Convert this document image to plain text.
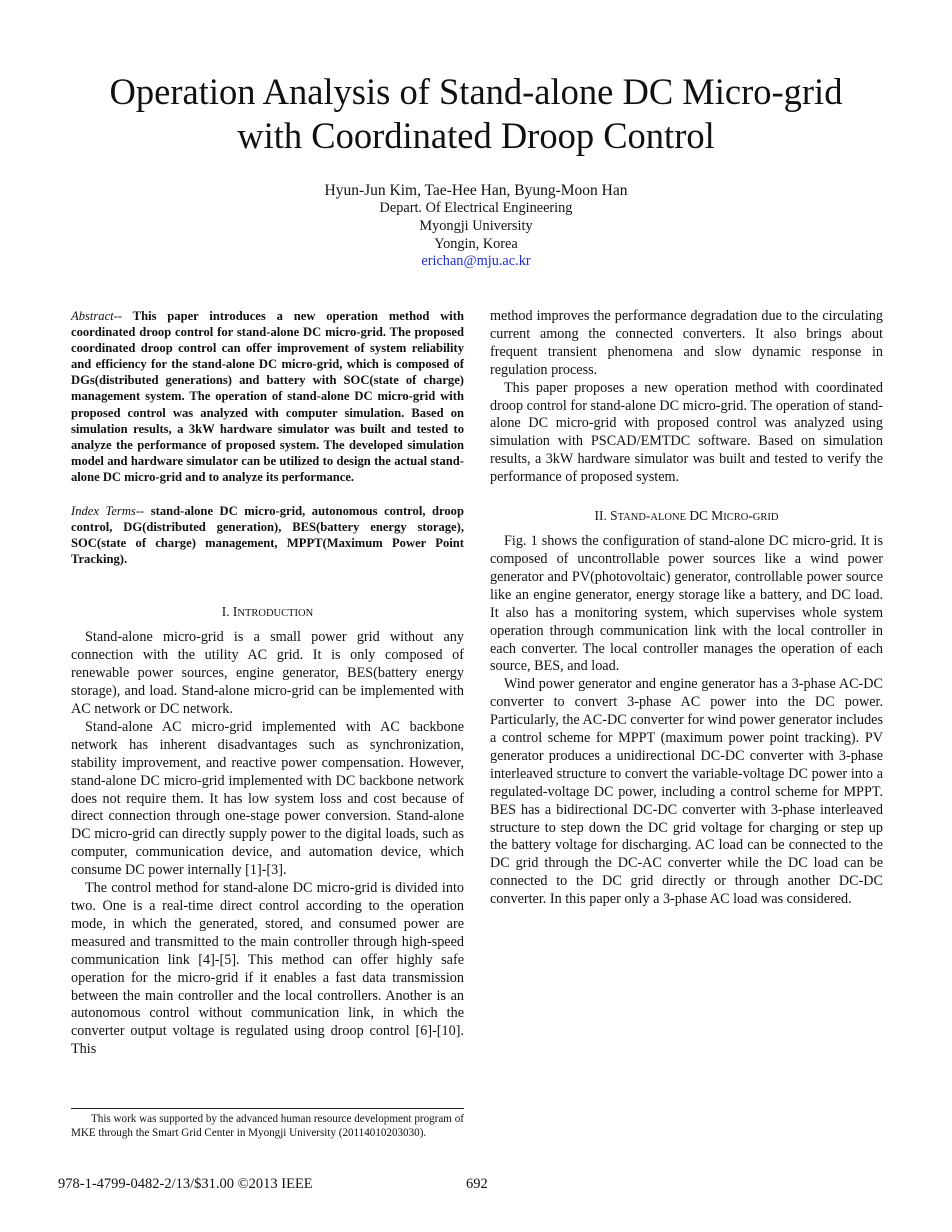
Operation Analysis of Stand-alone DC Micro-grid
with Coordinated Droop Control
Hyun-Jun Kim, Tae-Hee Han, Byung-Moon Han
Depart. Of Electrical Engineering
Myongji University
Yongin, Korea
erichan@mju.ac.kr

Abstract-- This paper introduces a new operation method with coordinated droop control for stand-alone DC micro-grid. The proposed coordinated droop control can offer improvement of system reliability and efficiency for the stand-alone DC micro-grid, which is composed of DGs(distributed generations) and battery with SOC(state of charge) management system. The operation of stand-alone DC micro-grid with proposed control was analyzed with computer simulation. Based on simulation results, a 3kW hardware simulator was built and tested to analyze the performance of proposed system. The developed simulation model and hardware simulator can be utilized to design the actual stand-alone DC micro-grid and to analyze its performance.

Index Terms-- stand-alone DC micro-grid, autonomous control, droop control, DG(distributed generation), BES(battery energy storage), SOC(state of charge) management, MPPT(Maximum Power Point Tracking).

I. INTRODUCTION

Stand-alone micro-grid is a small power grid without any connection with the utility AC grid. It is only composed of renewable power sources, engine generator, BES(battery energy storage), and load. Stand-alone micro-grid can be implemented with AC network or DC network.

Stand-alone AC micro-grid implemented with AC backbone network has inherent disadvantages such as synchronization, stability improvement, and reactive power compensation. However, stand-alone DC micro-grid implemented with DC backbone network does not require them. It has low system loss and cost because of direct connection through one-stage power conversion. Stand-alone DC micro-grid can directly supply power to the digital loads, such as computer, communication device, and automation device, which consume DC power internally [1]-[3].

The control method for stand-alone DC micro-grid is divided into two. One is a real-time direct control according to the operation mode, in which the generated, stored, and consumed power are measured and transmitted to the main controller through high-speed communication link [4]-[5]. This method can offer highly safe operation for the micro-grid if it enables a fast data transmission between the main controller and the local controllers. Another is an autonomous control without communication link, in which the converter output voltage is regulated using droop control [6]-[10]. This

method improves the performance degradation due to the circulating current among the connected converters. It also brings about frequent transient phenomena and slow dynamic response in regulation process.

This paper proposes a new operation method with coordinated droop control for stand-alone DC micro-grid. The operation of stand-alone DC micro-grid with proposed control was analyzed using simulation with PSCAD/EMTDC software. Based on simulation results, a 3kW hardware simulator was built and tested to verify the performance of proposed system.

II. STAND-ALONE DC MICRO-GRID

Fig. 1 shows the configuration of stand-alone DC micro-grid. It is composed of uncontrollable power sources like a wind power generator and PV(photovoltaic) generator, controllable power source like an engine generator, energy storage like a battery, and DC load. It also has a monitoring system, which supervises whole system operation through communication link with the local controller in each converter. The local controller manages the operation of each source, BES, and load.

Wind power generator and engine generator has a 3-phase AC-DC converter to convert 3-phase AC power into the DC power. Particularly, the AC-DC converter for wind power generator includes a control scheme for MPPT (maximum power point tracking). PV generator produces a unidirectional DC-DC converter with 3-phase interleaved structure to convert the variable-voltage DC power into a regulated-voltage DC power, including a control scheme for MPPT. BES has a bidirectional DC-DC converter with 3-phase interleaved structure to step down the DC grid voltage for charging or step up the battery voltage for discharging. AC load can be connected to the DC grid through the DC-AC converter while the DC load can be connected to the DC grid directly or through another DC-DC converter. In this paper only a 3-phase AC load was considered.

This work was supported by the advanced human resource development program of MKE through the Smart Grid Center in Myongji University (20114010203030).
978-1-4799-0482-2/13/$31.00 ©2013 IEEE	692
